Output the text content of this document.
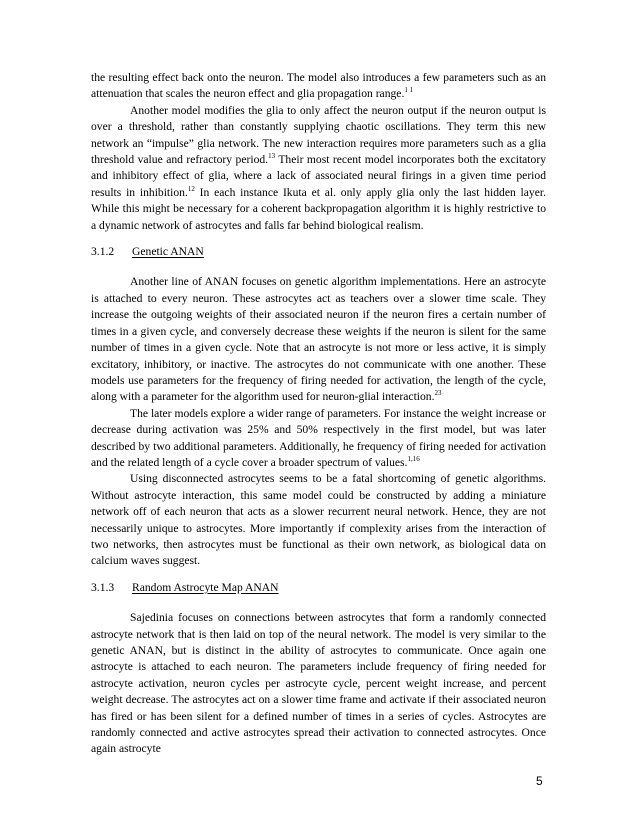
the resulting effect back onto the neuron. The model also introduces a few parameters such as an attenuation that scales the neuron effect and glia propagation range.$^{1 1}$

Another model modifies the glia to only affect the neuron output if the neuron output is over a threshold, rather than constantly supplying chaotic oscillations. They term this new network an “impulse” glia network. The new interaction requires more parameters such as a glia threshold value and refractory period.$^{13}$ Their most recent model incorporates both the excitatory and inhibitory effect of glia, where a lack of associated neural firings in a given time period results in inhibition.$^{12}$ In each instance Ikuta et al. only apply glia only the last hidden layer. While this might be necessary for a coherent backpropagation algorithm it is highly restrictive to a dynamic network of astrocytes and falls far behind biological realism.

3.1.2 Genetic ANAN

Another line of ANAN focuses on genetic algorithm implementations. Here an astrocyte is attached to every neuron. These astrocytes act as teachers over a slower time scale. They increase the outgoing weights of their associated neuron if the neuron fires a certain number of times in a given cycle, and conversely decrease these weights if the neuron is silent for the same number of times in a given cycle. Note that an astrocyte is not more or less active, it is simply excitatory, inhibitory, or inactive. The astrocytes do not communicate with one another. These models use parameters for the frequency of firing needed for activation, the length of the cycle, along with a parameter for the algorithm used for neuron-glial interaction.$^{23}$

The later models explore a wider range of parameters. For instance the weight increase or decrease during activation was 25% and 50% respectively in the first model, but was later described by two additional parameters. Additionally, he frequency of firing needed for activation and the related length of a cycle cover a broader spectrum of values.$^{1,16}$

Using disconnected astrocytes seems to be a fatal shortcoming of genetic algorithms. Without astrocyte interaction, this same model could be constructed by adding a miniature network off of each neuron that acts as a slower recurrent neural network. Hence, they are not necessarily unique to astrocytes. More importantly if complexity arises from the interaction of two networks, then astrocytes must be functional as their own network, as biological data on calcium waves suggest.

3.1.3 Random Astrocyte Map ANAN

Sajedinia focuses on connections between astrocytes that form a randomly connected astrocyte network that is then laid on top of the neural network. The model is very similar to the genetic ANAN, but is distinct in the ability of astrocytes to communicate. Once again one astrocyte is attached to each neuron. The parameters include frequency of firing needed for astrocyte activation, neuron cycles per astrocyte cycle, percent weight increase, and percent weight decrease. The astrocytes act on a slower time frame and activate if their associated neuron has fired or has been silent for a defined number of times in a series of cycles. Astrocytes are randomly connected and active astrocytes spread their activation to connected astrocytes. Once again astrocyte

5
